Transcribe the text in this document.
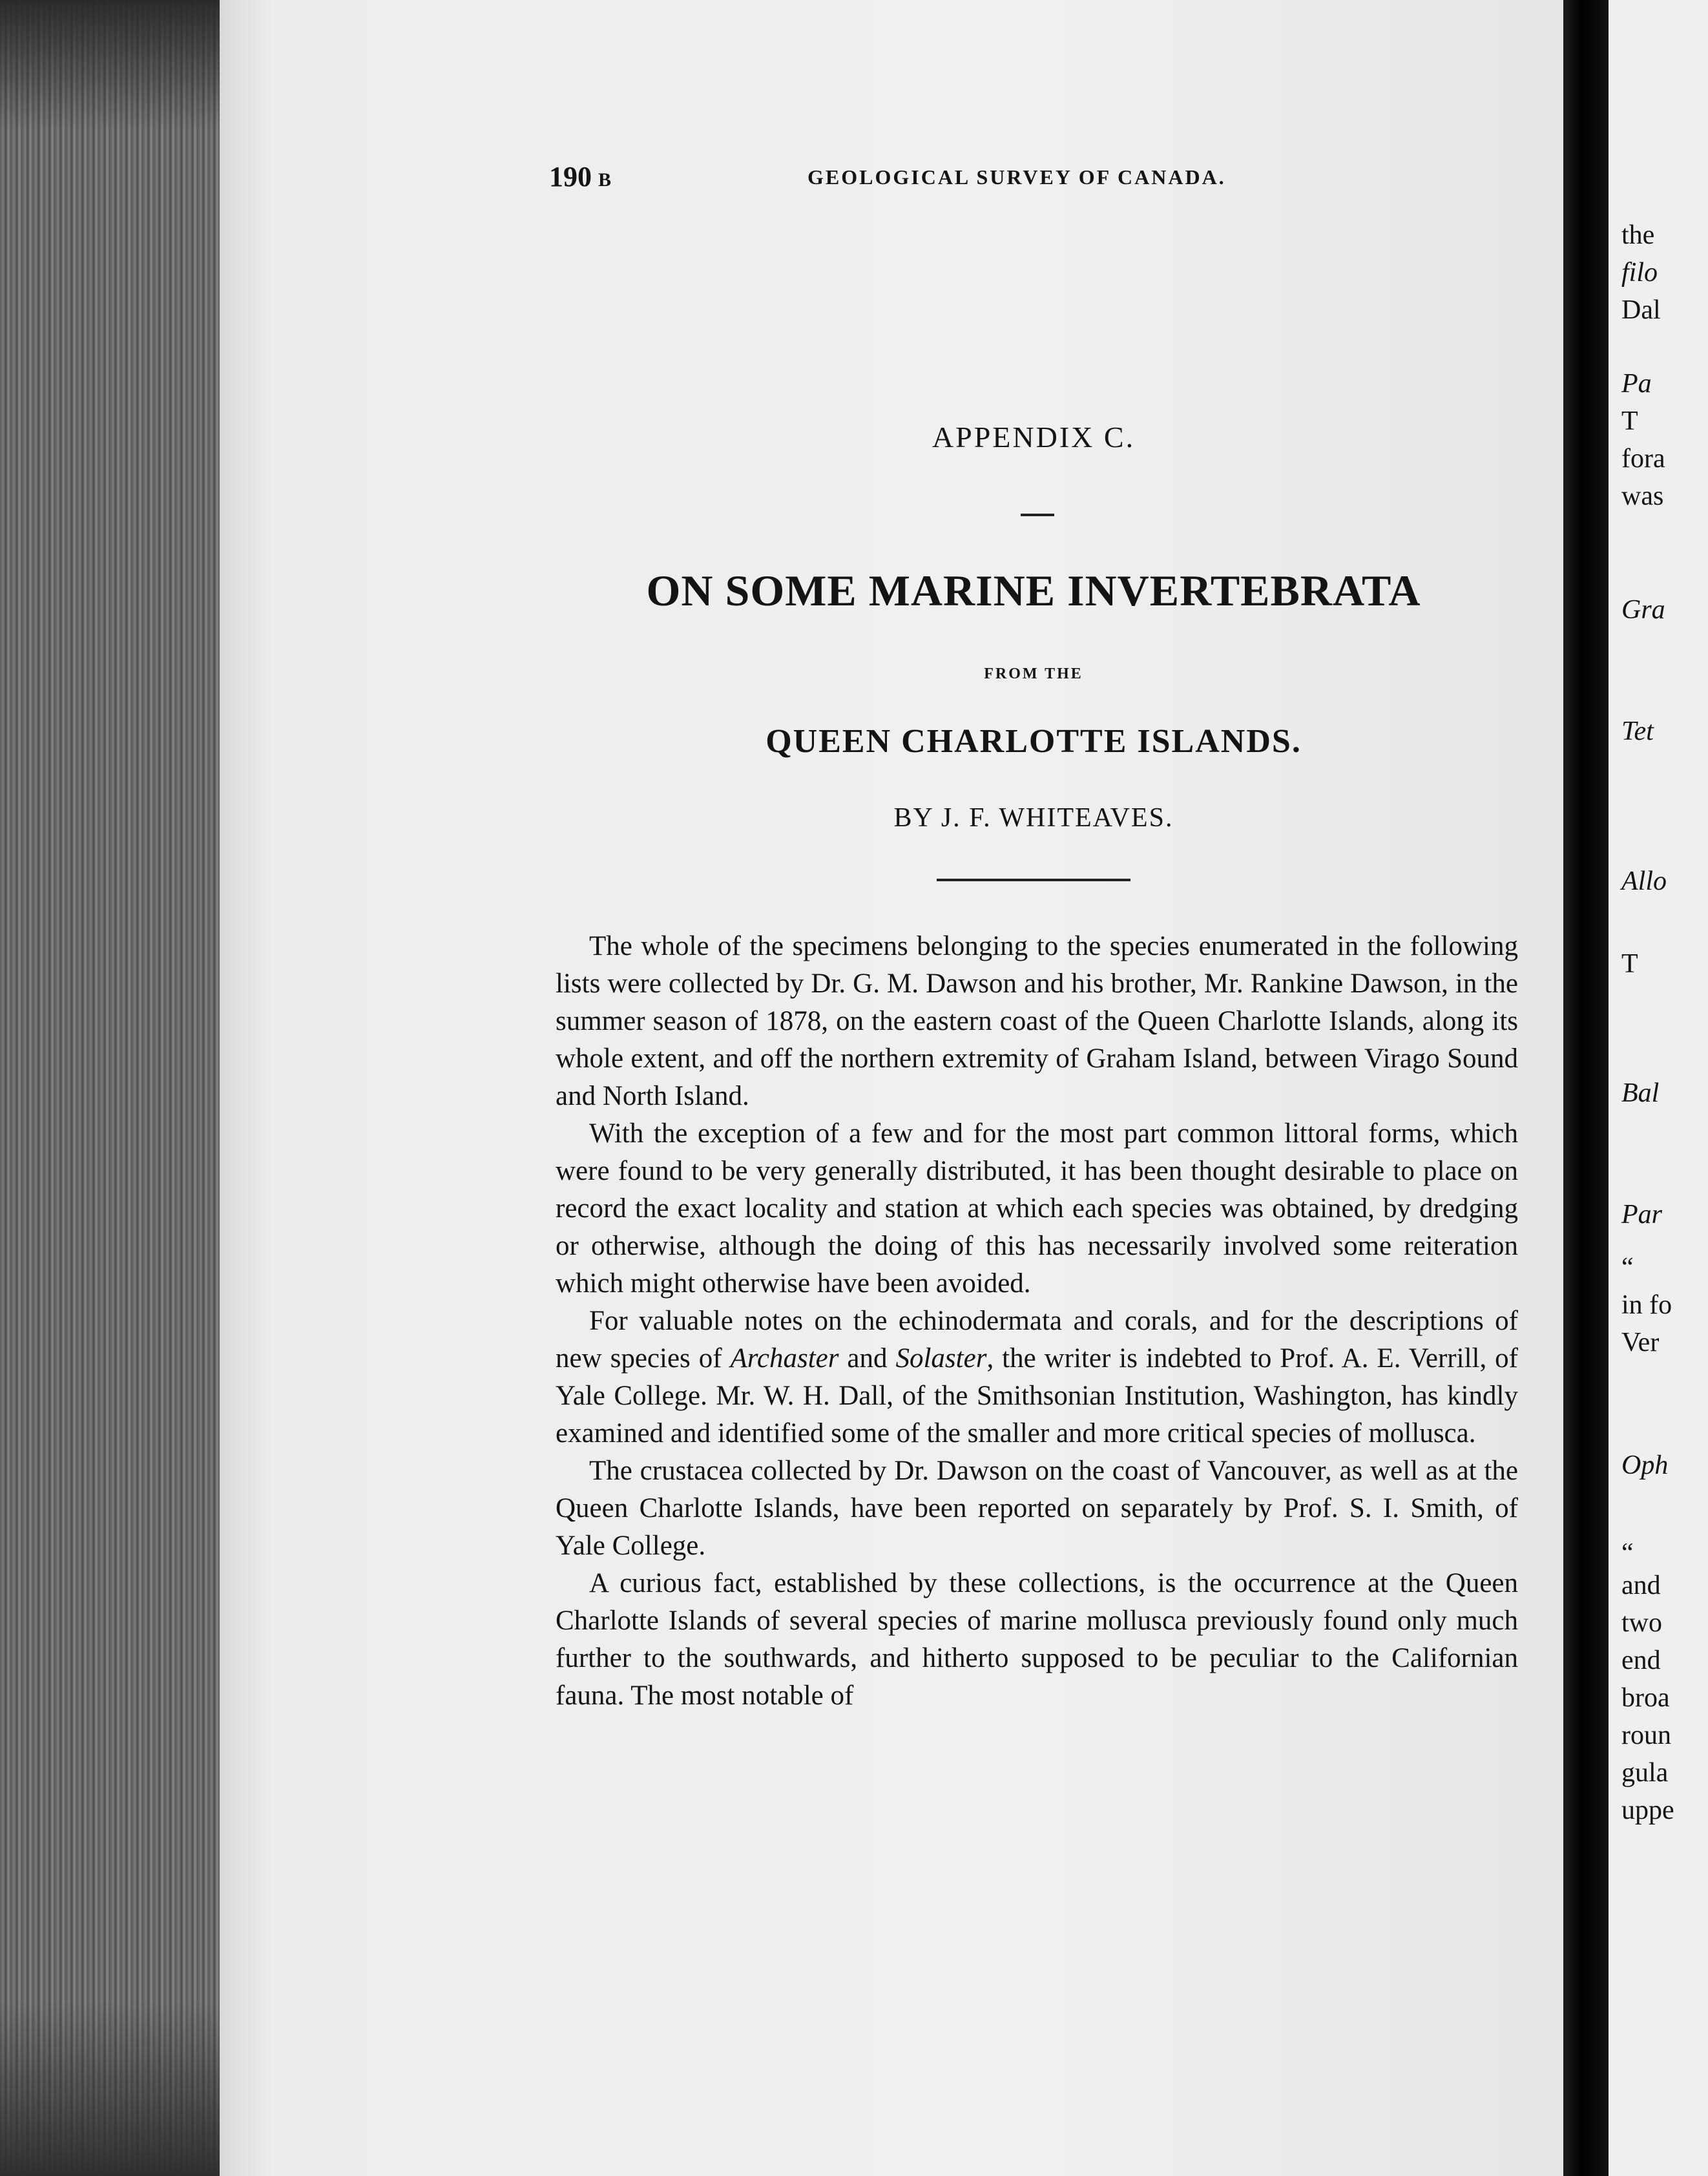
190 B	GEOLOGICAL SURVEY OF CANADA.
APPENDIX C.
ON SOME MARINE INVERTEBRATA
FROM THE
QUEEN CHARLOTTE ISLANDS.
BY J. F. WHITEAVES.

The whole of the specimens belonging to the species enumerated in the following lists were collected by Dr. G. M. Dawson and his brother, Mr. Rankine Dawson, in the summer season of 1878, on the eastern coast of the Queen Charlotte Islands, along its whole extent, and off the northern extremity of Graham Island, between Virago Sound and North Island.

With the exception of a few and for the most part common littoral forms, which were found to be very generally distributed, it has been thought desirable to place on record the exact locality and station at which each species was obtained, by dredging or otherwise, although the doing of this has necessarily involved some reiteration which might otherwise have been avoided.

For valuable notes on the echinodermata and corals, and for the descriptions of new species of Archaster and Solaster, the writer is indebted to Prof. A. E. Verrill, of Yale College. Mr. W. H. Dall, of the Smithsonian Institution, Washington, has kindly examined and identified some of the smaller and more critical species of mollusca.

The crustacea collected by Dr. Dawson on the coast of Vancouver, as well as at the Queen Charlotte Islands, have been reported on separately by Prof. S. I. Smith, of Yale College.

A curious fact, established by these collections, is the occurrence at the Queen Charlotte Islands of several species of marine mollusca previously found only much further to the southwards, and hitherto supposed to be peculiar to the Californian fauna. The most notable of

the
filo
Dal
Pa
T
fora
was
Gra
Tet
Allo
T
Bal
Par
“
in fo
Ver
Oph
“
and
two
end
broa
roun
gula
uppe
